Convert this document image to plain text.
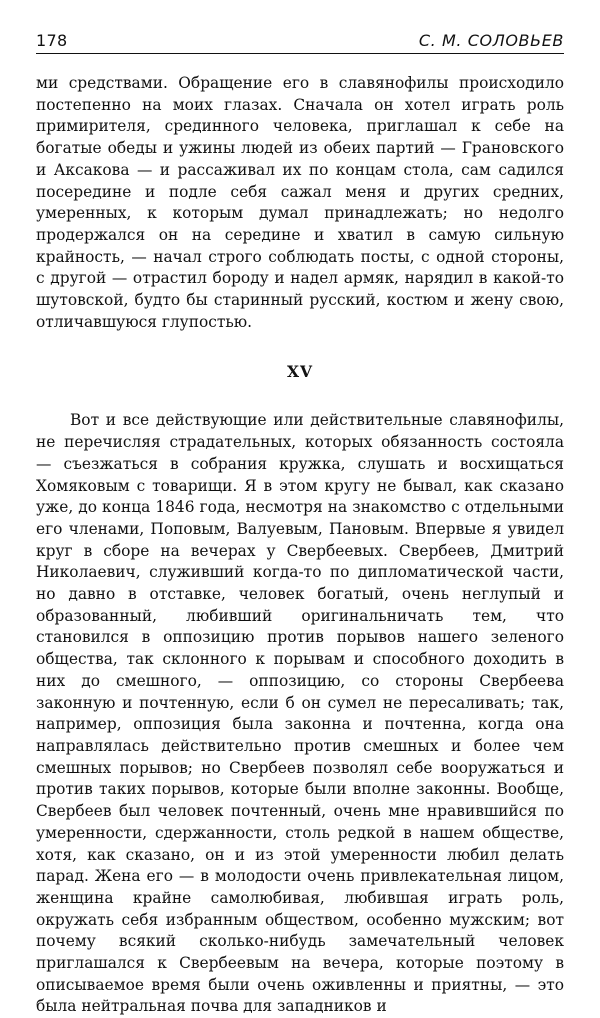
178	С. М. СОЛОВЬЕВ

ми средствами. Обращение его в славянофилы происходило постепенно на моих глазах. Сначала он хотел играть роль примирителя, срединного человека, приглашал к себе на богатые обеды и ужины людей из обеих партий — Грановского и Аксакова — и рассаживал их по концам стола, сам садился посередине и подле себя сажал меня и других средних, умеренных, к которым думал принадлежать; но недолго продержался он на середине и хватил в самую сильную крайность, — начал строго соблюдать посты, с одной стороны, с другой — отрастил бороду и надел армяк, нарядил в какой-то шутовской, будто бы старинный русский, костюм и жену свою, отличавшуюся глупостью.

XV

Вот и все действующие или действительные славянофилы, не перечисляя страдательных, которых обязанность состояла — съезжаться в собрания кружка, слушать и восхищаться Хомяковым с товарищи. Я в этом кругу не бывал, как сказано уже, до конца 1846 года, несмотря на знакомство с отдельными его членами, Поповым, Валуевым, Пановым. Впервые я увидел круг в сборе на вечерах у Свербеевых. Свербеев, Дмитрий Николаевич, служивший когда-то по дипломатической части, но давно в отставке, человек богатый, очень неглупый и образованный, любивший оригинальничать тем, что становился в оппозицию против порывов нашего зеленого общества, так склонного к порывам и способного доходить в них до смешного, — оппозицию, со стороны Свербеева законную и почтенную, если б он сумел не пересаливать; так, например, оппозиция была законна и почтенна, когда она направлялась действительно против смешных и более чем смешных порывов; но Свербеев позволял себе вооружаться и против таких порывов, которые были вполне законны. Вообще, Свербеев был человек почтенный, очень мне нравившийся по умеренности, сдержанности, столь редкой в нашем обществе, хотя, как сказано, он и из этой умеренности любил делать парад. Жена его — в молодости очень привлекательная лицом, женщина крайне самолюбивая, любившая играть роль, окружать себя избранным обществом, особенно мужским; вот почему всякий сколько-нибудь замечательный человек приглашался к Свербеевым на вечера, которые поэтому в описываемое время были очень оживленны и приятны, — это была нейтральная почва для западников и
